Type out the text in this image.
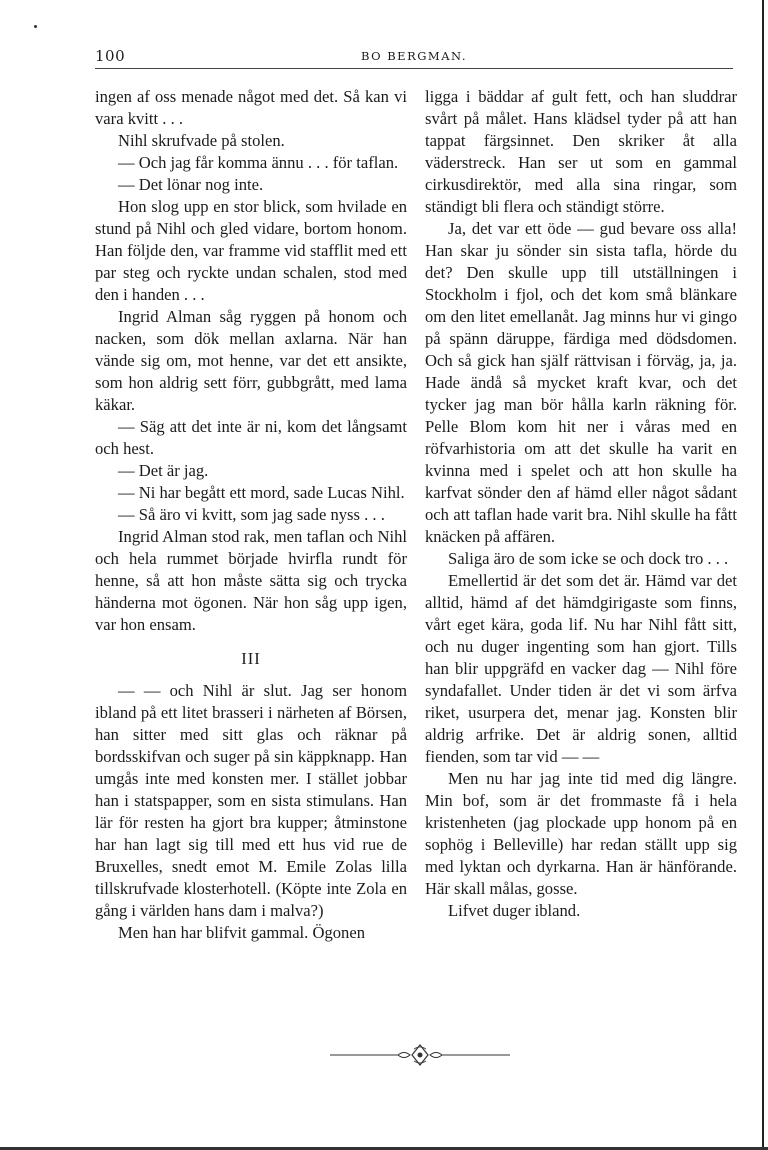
100	BO BERGMAN.

ingen af oss menade något med det. Så kan vi vara kvitt . . .

Nihl skrufvade på stolen.

— Och jag får komma ännu . . . för taflan.

— Det lönar nog inte.

Hon slog upp en stor blick, som hvilade en stund på Nihl och gled vidare, bortom honom. Han följde den, var framme vid stafflit med ett par steg och ryckte undan schalen, stod med den i handen . . .

Ingrid Alman såg ryggen på honom och nacken, som dök mellan axlarna. När han vände sig om, mot henne, var det ett ansikte, som hon aldrig sett förr, gubbgrått, med lama käkar.

— Säg att det inte är ni, kom det långsamt och hest.

— Det är jag.

— Ni har begått ett mord, sade Lucas Nihl.

— Så äro vi kvitt, som jag sade nyss . . .

Ingrid Alman stod rak, men taflan och Nihl och hela rummet började hvirfla rundt för henne, så att hon måste sätta sig och trycka händerna mot ögonen. När hon såg upp igen, var hon ensam.

III

— — och Nihl är slut. Jag ser honom ibland på ett litet brasseri i närheten af Börsen, han sitter med sitt glas och räknar på bordsskifvan och suger på sin käppknapp. Han umgås inte med konsten mer. I stället jobbar han i statspapper, som en sista stimulans. Han lär för resten ha gjort bra kupper; åtminstone har han lagt sig till med ett hus vid rue de Bruxelles, snedt emot M. Emile Zolas lilla tillskrufvade klosterhotell. (Köpte inte Zola en gång i världen hans dam i malva?)

Men han har blifvit gammal. Ögonen

ligga i bäddar af gult fett, och han sluddrar svårt på målet. Hans klädsel tyder på att han tappat färgsinnet. Den skriker åt alla väderstreck. Han ser ut som en gammal cirkusdirektör, med alla sina ringar, som ständigt bli flera och ständigt större.

Ja, det var ett öde — gud bevare oss alla! Han skar ju sönder sin sista tafla, hörde du det? Den skulle upp till utställningen i Stockholm i fjol, och det kom små blänkare om den litet emellanåt. Jag minns hur vi gingo på spänn däruppe, färdiga med dödsdomen. Och så gick han själf rättvisan i förväg, ja, ja. Hade ändå så mycket kraft kvar, och det tycker jag man bör hålla karln räkning för. Pelle Blom kom hit ner i våras med en röfvarhistoria om att det skulle ha varit en kvinna med i spelet och att hon skulle ha karfvat sönder den af hämd eller något sådant och att taflan hade varit bra. Nihl skulle ha fått knäcken på affären.

Saliga äro de som icke se och dock tro . . .

Emellertid är det som det är. Hämd var det alltid, hämd af det hämdgirigaste som finns, vårt eget kära, goda lif. Nu har Nihl fått sitt, och nu duger ingenting som han gjort. Tills han blir uppgräfd en vacker dag — Nihl före syndafallet. Under tiden är det vi som ärfva riket, usurpera det, menar jag. Konsten blir aldrig arfrike. Det är aldrig sonen, alltid fienden, som tar vid — —

Men nu har jag inte tid med dig längre. Min bof, som är det frommaste få i hela kristenheten (jag plockade upp honom på en sophög i Belleville) har redan ställt upp sig med lyktan och dyrkarna. Han är hänförande. Här skall målas, gosse.

Lifvet duger ibland.
